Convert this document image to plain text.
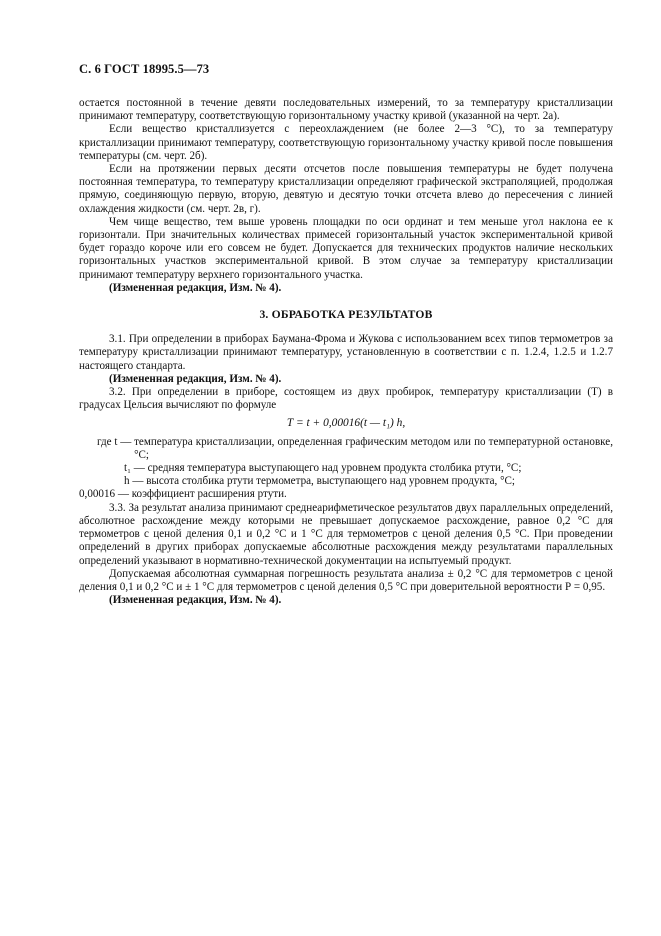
С. 6 ГОСТ 18995.5—73

остается постоянной в течение девяти последовательных измерений, то за температуру кристаллизации принимают температуру, соответствующую горизонтальному участку кривой (указанной на черт. 2а).

Если вещество кристаллизуется с переохлаждением (не более 2—3 °С), то за температуру кристаллизации принимают температуру, соответствующую горизонтальному участку кривой после повышения температуры (см. черт. 2б).

Если на протяжении первых десяти отсчетов после повышения температуры не будет получена постоянная температура, то температуру кристаллизации определяют графической экстраполяцией, продолжая прямую, соединяющую первую, вторую, девятую и десятую точки отсчета влево до пересечения с линией охлаждения жидкости (см. черт. 2в, г).

Чем чище вещество, тем выше уровень площадки по оси ординат и тем меньше угол наклона ее к горизонтали. При значительных количествах примесей горизонтальный участок экспериментальной кривой будет гораздо короче или его совсем не будет. Допускается для технических продуктов наличие нескольких горизонтальных участков экспериментальной кривой. В этом случае за температуру кристаллизации принимают температуру верхнего горизонтального участка.

(Измененная редакция, Изм. № 4).

3. ОБРАБОТКА РЕЗУЛЬТАТОВ

3.1. При определении в приборах Баумана-Фрома и Жукова с использованием всех типов термометров за температуру кристаллизации принимают температуру, установленную в соответствии с п. 1.2.4, 1.2.5 и 1.2.7 настоящего стандарта.

(Измененная редакция, Изм. № 4).

3.2. При определении в приборе, состоящем из двух пробирок, температуру кристаллизации (Т) в градусах Цельсия вычисляют по формуле

Т = t + 0,00016(t — t₁) h,
где t — температура кристаллизации, определенная графическим методом или по температурной остановке, °С;
t₁ — средняя температура выступающего над уровнем продукта столбика ртути, °С;
h — высота столбика ртути термометра, выступающего над уровнем продукта, °С;
0,00016 — коэффициент расширения ртути.

3.3. За результат анализа принимают среднеарифметическое результатов двух параллельных определений, абсолютное расхождение между которыми не превышает допускаемое расхождение, равное 0,2 °С для термометров с ценой деления 0,1 и 0,2 °С и 1 °С для термометров с ценой деления 0,5 °С. При проведении определений в других приборах допускаемые абсолютные расхождения между результатами параллельных определений указывают в нормативно-технической документации на испытуемый продукт.

Допускаемая абсолютная суммарная погрешность результата анализа ± 0,2 °С для термометров с ценой деления 0,1 и 0,2 °С и ± 1 °С для термометров с ценой деления 0,5 °С при доверительной вероятности Р = 0,95.

(Измененная редакция, Изм. № 4).
